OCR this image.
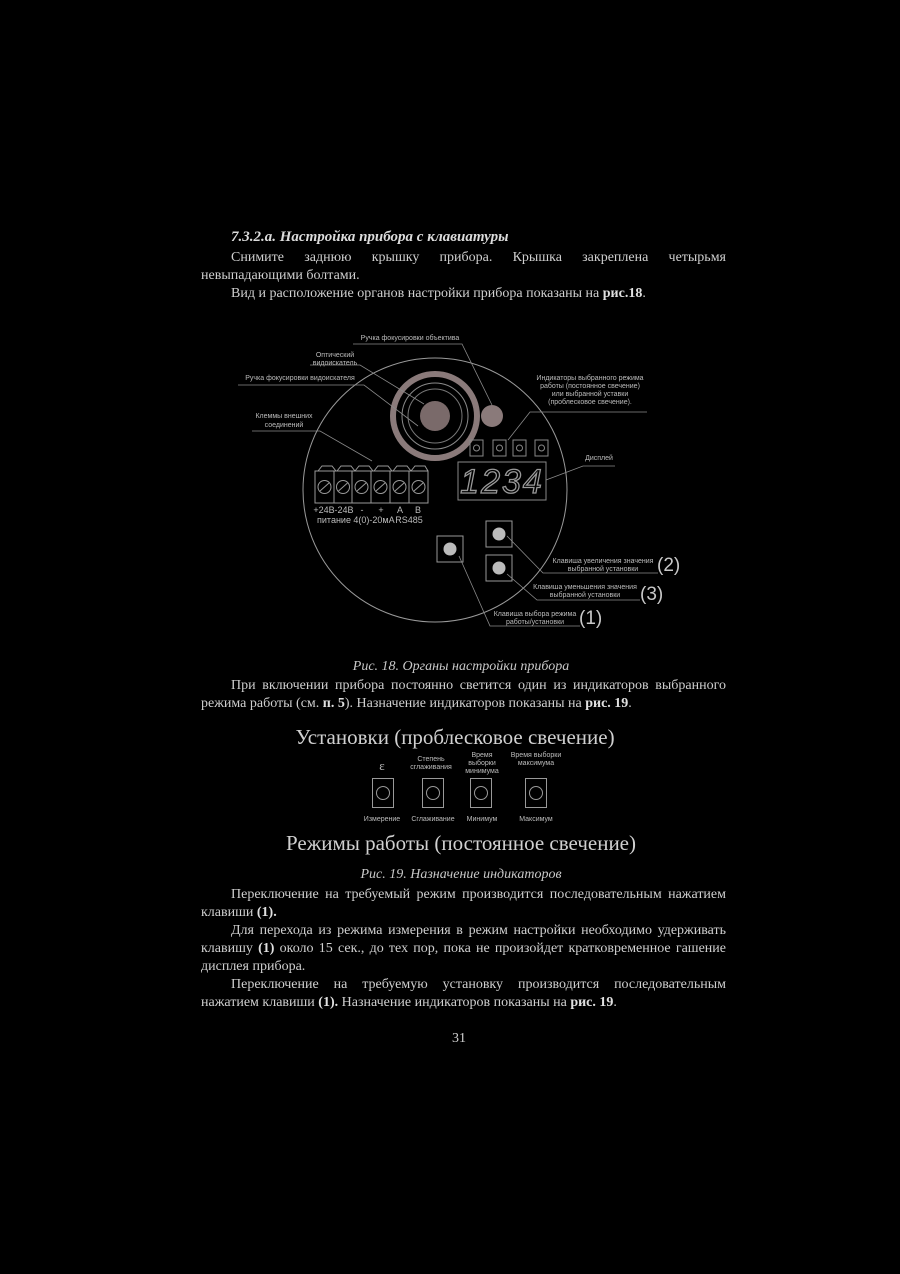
7.3.2.а. Настройка прибора с клавиатуры
Снимите заднюю крышку прибора. Крышка закреплена четырьмя невыпадающими болтами.
Вид и расположение органов настройки прибора показаны на рис.18.
1234
+24В -24В - + А В
питание 4(0)-20мА RS485
Ручка фокусировки объектива
Оптический
видоискатель
Ручка фокусировки видоискателя
Клеммы внешних
соединений
Индикаторы выбранного режима
работы (постоянное свечение)
или выбранной уставки
(проблесковое свечение).
Дисплей
Клавиша увеличения значения
выбранной установки
Клавиша уменьшения значения
выбранной установки
Клавиша выбора режима
работы/установки
(2)
(3)
(1)
Рис. 18. Органы настройки прибора
При включении прибора постоянно светится один из индикаторов выбранного режима работы (см. п. 5). Назначение индикаторов показаны на рис. 19.
Установки (проблесковое свечение)
ε
Измерение
Степень сглаживания
Сглаживание
Время выборки минимума
Минимум
Время выборки максимума
Максимум
Режимы работы (постоянное свечение)
Рис. 19. Назначение индикаторов
Переключение на требуемый режим производится последовательным нажатием клавиши (1).
Для перехода из режима измерения в режим настройки необходимо удерживать клавишу (1) около 15 сек., до тех пор, пока не произойдет кратковременное гашение дисплея прибора.
Переключение на требуемую установку производится последовательным нажатием клавиши (1). Назначение индикаторов показаны на рис. 19.
31
